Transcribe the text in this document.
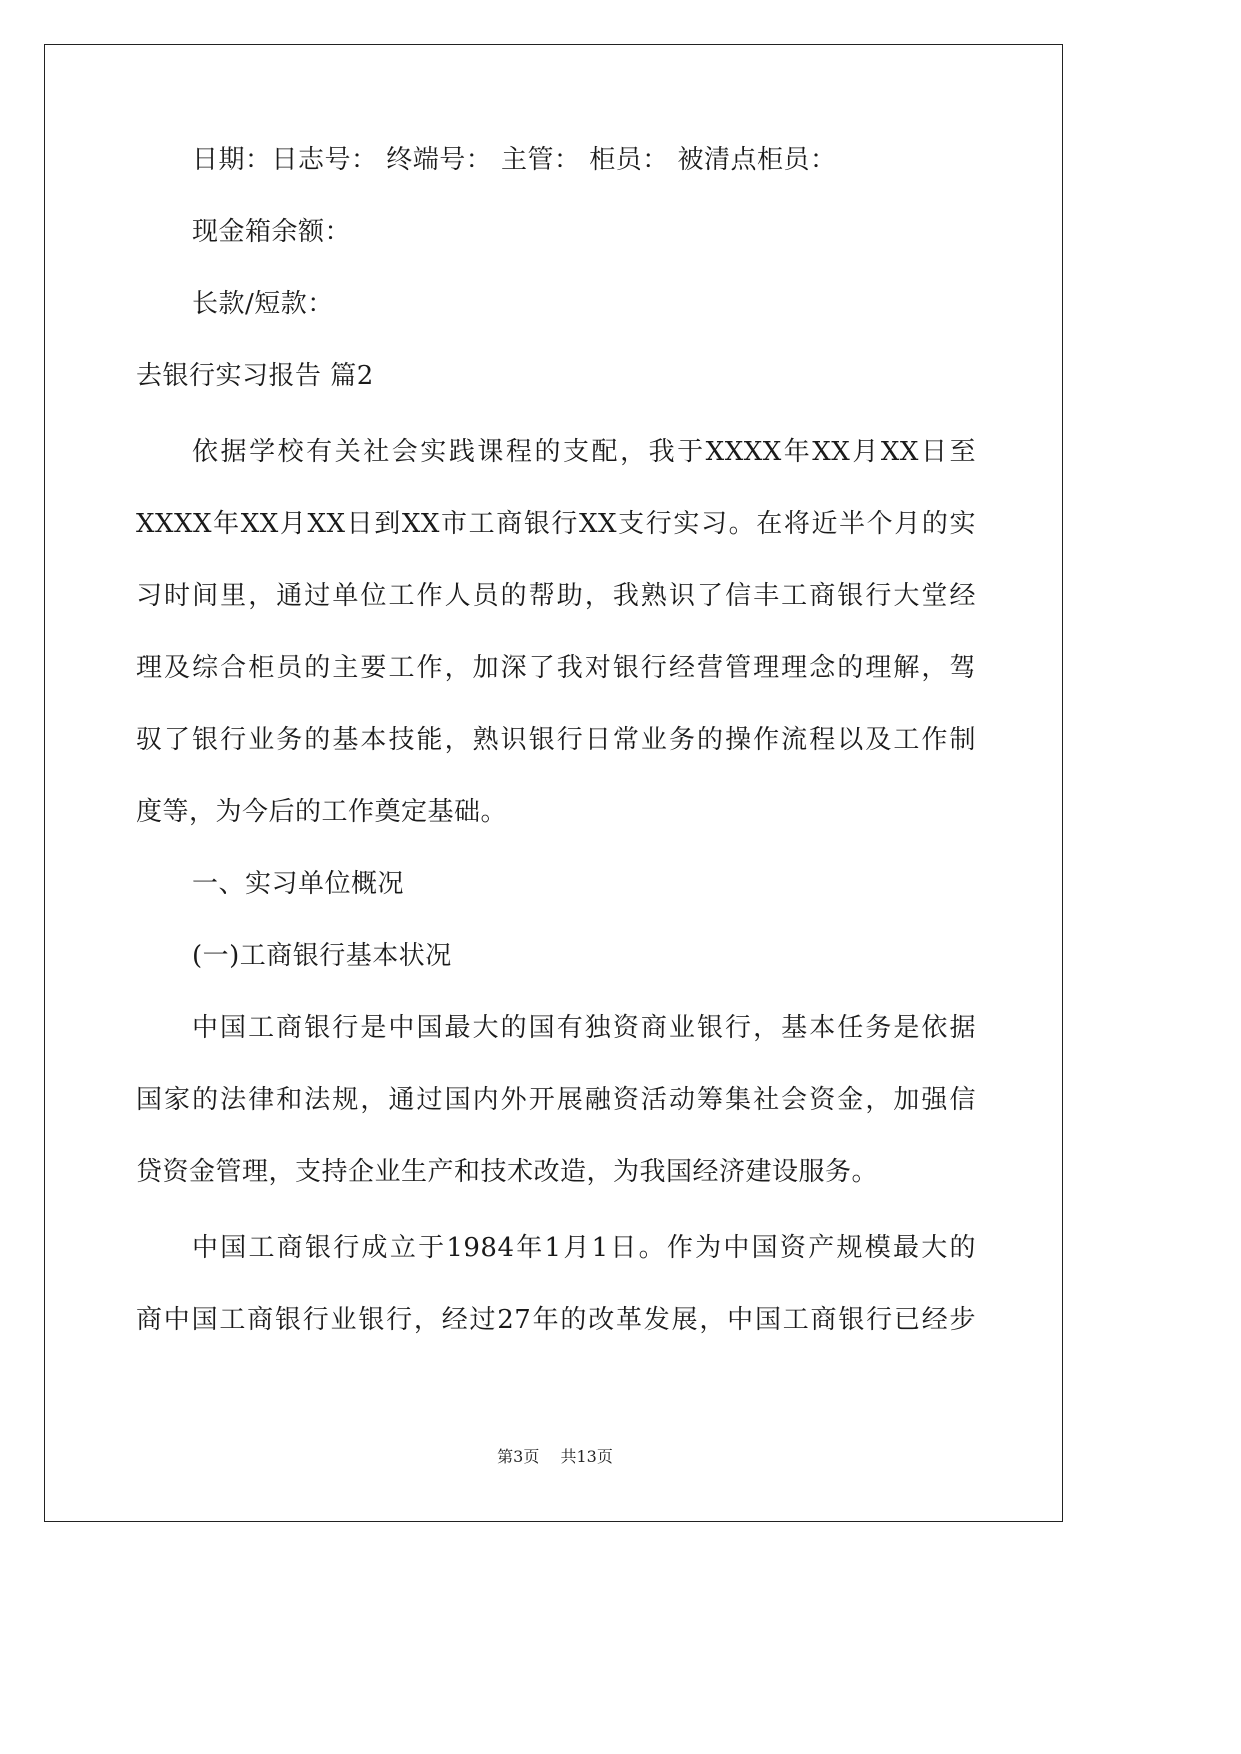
日期：日志号： 终端号： 主管： 柜员： 被清点柜员：
现金箱余额：
长款/短款：
去银行实习报告 篇2
依据学校有关社会实践课程的支配，我于XXXX年XX月XX日至
XXXX年XX月XX日到XX市工商银行XX支行实习。在将近半个月的实
习时间里，通过单位工作人员的帮助，我熟识了信丰工商银行大堂经
理及综合柜员的主要工作，加深了我对银行经营管理理念的理解，驾
驭了银行业务的基本技能，熟识银行日常业务的操作流程以及工作制
度等，为今后的工作奠定基础。
一、实习单位概况
(一)工商银行基本状况
中国工商银行是中国最大的国有独资商业银行，基本任务是依据
国家的法律和法规，通过国内外开展融资活动筹集社会资金，加强信
贷资金管理，支持企业生产和技术改造，为我国经济建设服务。
中国工商银行成立于1984年1月1日。作为中国资产规模最大的
商中国工商银行业银行，经过27年的改革发展，中国工商银行已经步
第3页 共13页
